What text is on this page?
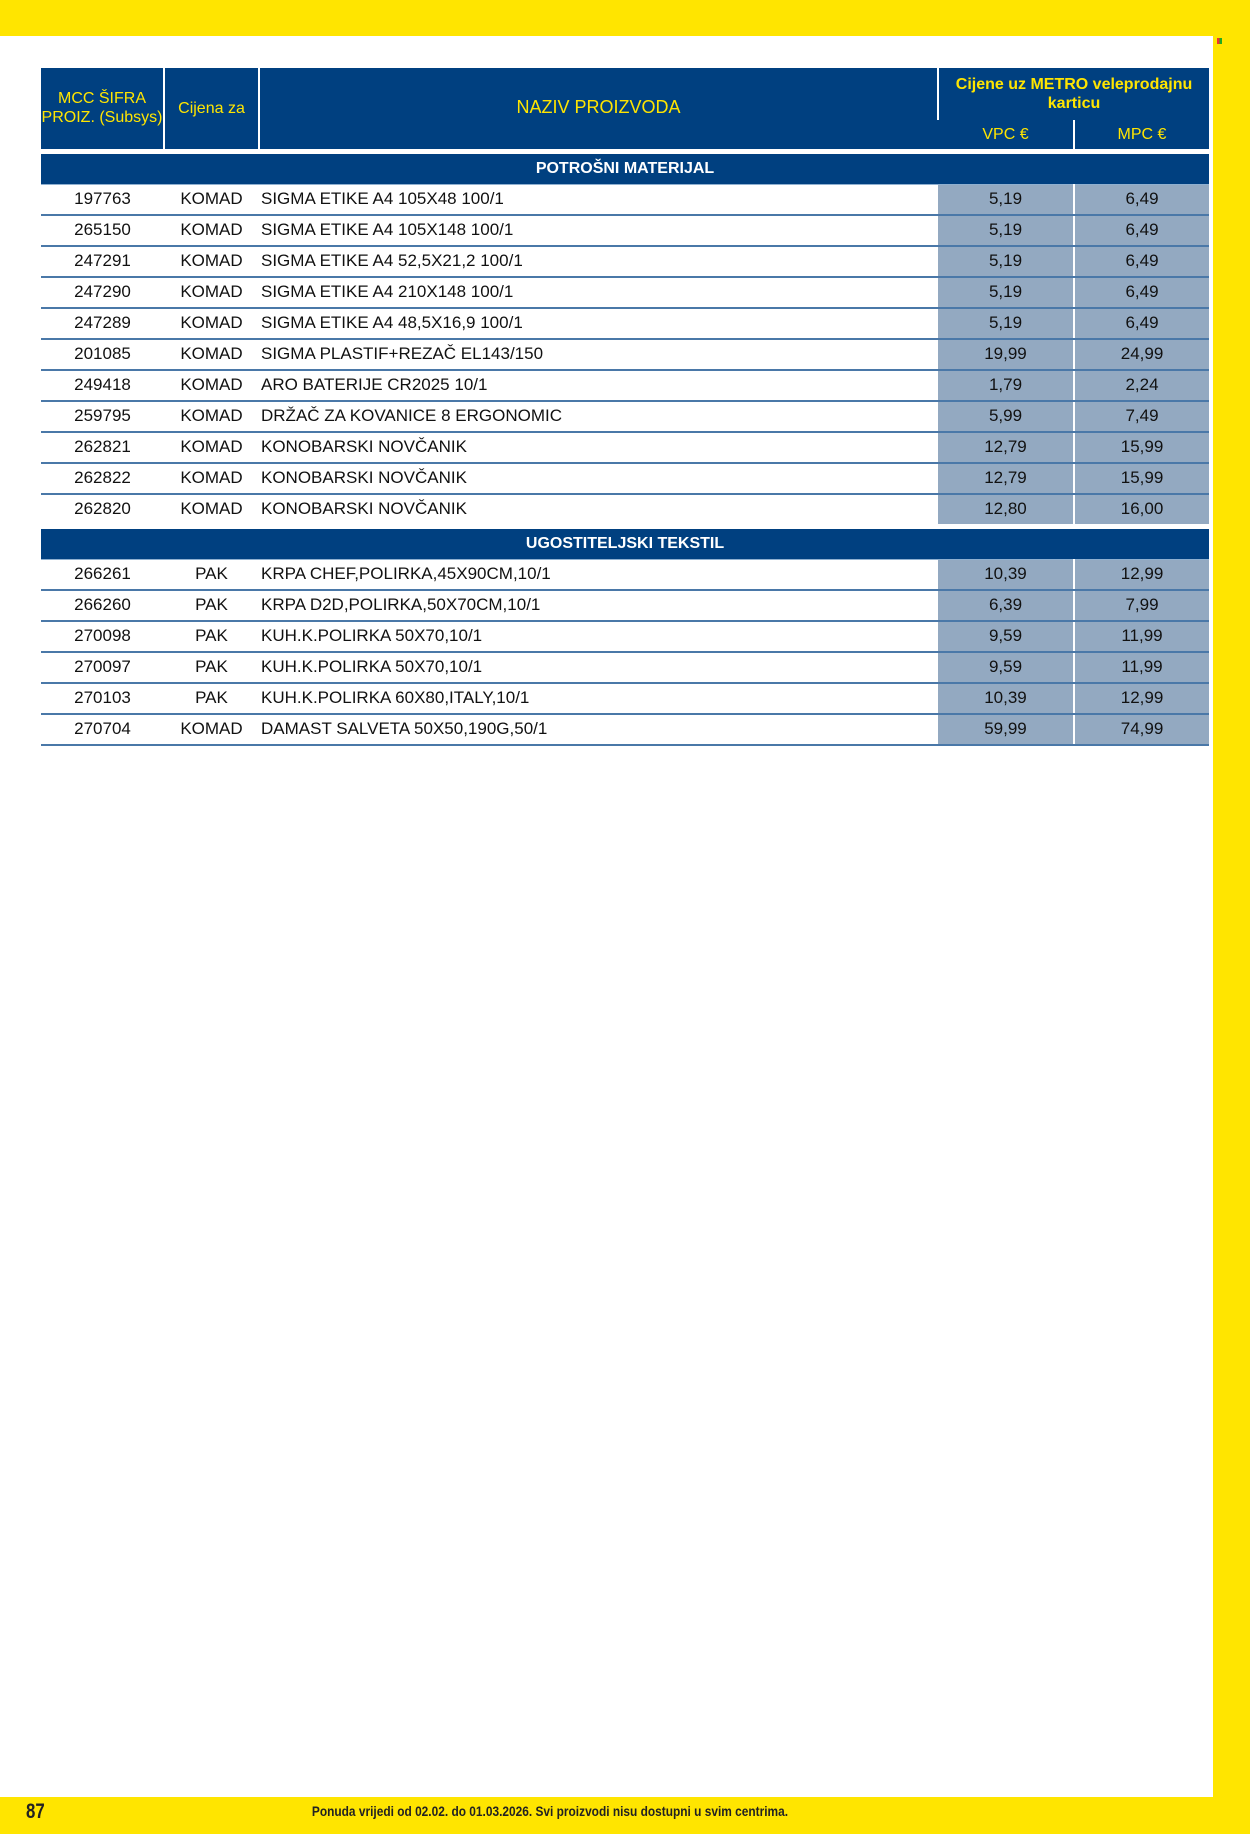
MCC ŠIFRA PROIZ. (Subsys)	Cijena za	NAZIV PROIZVODA	Cijene uz METRO veleprodajnu karticu	
			VPC €	MPC €
POTROŠNI MATERIJAL				
197763	KOMAD	SIGMA ETIKE A4 105X48 100/1	5,19	6,49
265150	KOMAD	SIGMA ETIKE A4 105X148 100/1	5,19	6,49
247291	KOMAD	SIGMA ETIKE A4 52,5X21,2 100/1	5,19	6,49
247290	KOMAD	SIGMA ETIKE A4 210X148 100/1	5,19	6,49
247289	KOMAD	SIGMA ETIKE A4 48,5X16,9 100/1	5,19	6,49
201085	KOMAD	SIGMA PLASTIF+REZAČ EL143/150	19,99	24,99
249418	KOMAD	ARO BATERIJE CR2025 10/1	1,79	2,24
259795	KOMAD	DRŽAČ ZA KOVANICE 8 ERGONOMIC	5,99	7,49
262821	KOMAD	KONOBARSKI NOVČANIK	12,79	15,99
262822	KOMAD	KONOBARSKI NOVČANIK	12,79	15,99
262820	KOMAD	KONOBARSKI NOVČANIK	12,80	16,00
UGOSTITELJSKI TEKSTIL				
266261	PAK	KRPA CHEF,POLIRKA,45X90CM,10/1	10,39	12,99
266260	PAK	KRPA D2D,POLIRKA,50X70CM,10/1	6,39	7,99
270098	PAK	KUH.K.POLIRKA 50X70,10/1	9,59	11,99
270097	PAK	KUH.K.POLIRKA 50X70,10/1	9,59	11,99
270103	PAK	KUH.K.POLIRKA 60X80,ITALY,10/1	10,39	12,99
270704	KOMAD	DAMAST SALVETA 50X50,190G,50/1	59,99	74,99
87	Ponuda vrijedi od 02.02. do 01.03.2026. Svi proizvodi nisu dostupni u svim centrima.
